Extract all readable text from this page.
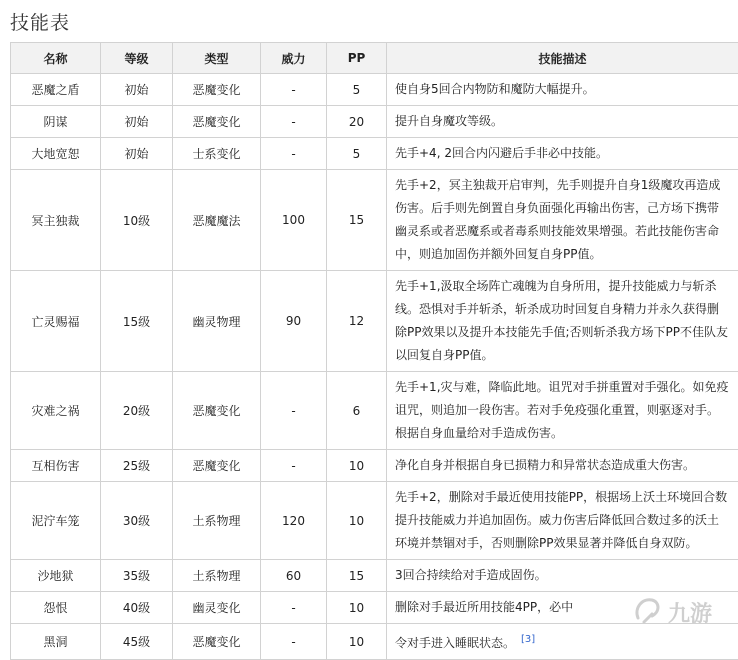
技能表
名称	等级	类型	威力	PP	技能描述
恶魔之盾	初始	恶魔变化	-	5	使自身5回合内物防和魔防大幅提升。
阴谋	初始	恶魔变化	-	20	提升自身魔攻等级。
大地宽恕	初始	士系变化	-	5	先手+4, 2回合内闪避后手非必中技能。
冥主独裁	10级	恶魔魔法	100	15	先手+2，冥主独裁开启审判，先手则提升自身1级魔攻再造成伤害。后手则先倒置自身负面强化再输出伤害，己方场下携带幽灵系或者恶魔系或者毒系则技能效果增强。若此技能伤害命中，则追加固伤并额外回复自身PP值。
亡灵赐福	15级	幽灵物理	90	12	先手+1,汲取全场阵亡魂魄为自身所用，提升技能威力与斩杀线。恐惧对手并斩杀，斩杀成功时回复自身精力并永久获得删除PP效果以及提升本技能先手值;否则斩杀我方场下PP不佳队友以回复自身PP值。
灾难之祸	20级	恶魔变化	-	6	先手+1,灾与难，降临此地。诅咒对手拼重置对手强化。如免疫诅咒，则追加一段伤害。若对手免疫强化重置，则驱逐对手。根据自身血量给对手造成伤害。
互相伤害	25级	恶魔变化	-	10	净化自身并根据自身已损精力和异常状态造成重大伤害。
泥泞车笼	30级	土系物理	120	10	先手+2，删除对手最近使用技能PP，根据场上沃土环境回合数提升技能威力并追加固伤。威力伤害后降低回合数过多的沃土环境并禁锢对手，否则删除PP效果显著并降低自身双防。
沙地狱	35级	土系物理	60	15	3回合持续给对手造成固伤。
怨恨	40级	幽灵变化	-	10	删除对手最近所用技能4PP，必中
黑洞	45级	恶魔变化	-	10	令对手进入睡眠状态。 [3]
九游
